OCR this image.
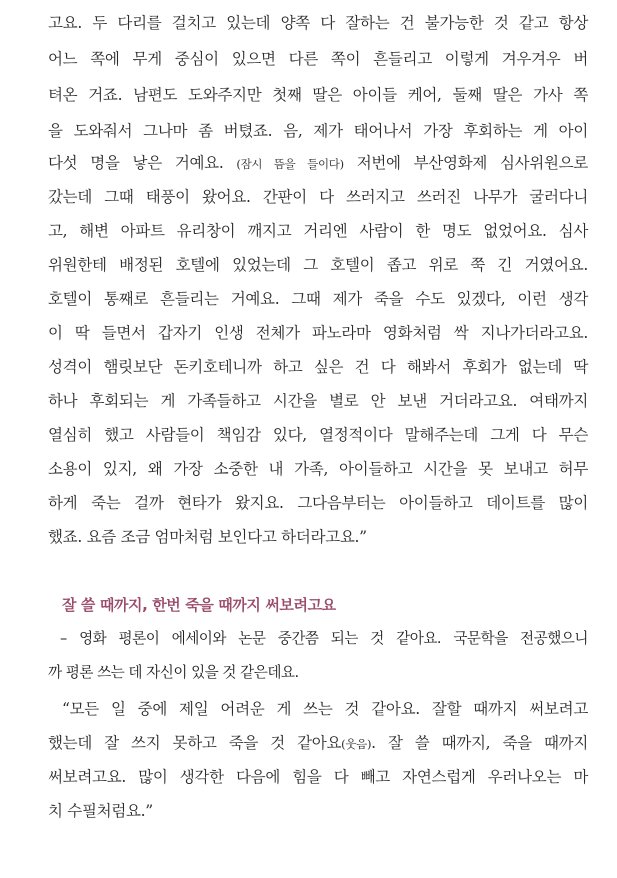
고요. 두 다리를 걸치고 있는데 양쪽 다 잘하는 건 불가능한 것 같고 항상
어느 쪽에 무게 중심이 있으면 다른 쪽이 흔들리고 이렇게 겨우겨우 버
텨온 거죠. 남편도 도와주지만 첫째 딸은 아이들 케어, 둘째 딸은 가사 쪽
을 도와줘서 그나마 좀 버텼죠. 음, 제가 태어나서 가장 후회하는 게 아이
다섯 명을 낳은 거예요. (잠시 뜸을 들이다) 저번에 부산영화제 심사위원으로
갔는데 그때 태풍이 왔어요. 간판이 다 쓰러지고 쓰러진 나무가 굴러다니
고, 해변 아파트 유리창이 깨지고 거리엔 사람이 한 명도 없었어요. 심사
위원한테 배정된 호텔에 있었는데 그 호텔이 좁고 위로 쭉 긴 거였어요.
호텔이 통째로 흔들리는 거예요. 그때 제가 죽을 수도 있겠다, 이런 생각
이 딱 들면서 갑자기 인생 전체가 파노라마 영화처럼 싹 지나가더라고요.
성격이 햄릿보단 돈키호테니까 하고 싶은 건 다 해봐서 후회가 없는데 딱
하나 후회되는 게 가족들하고 시간을 별로 안 보낸 거더라고요. 여태까지
열심히 했고 사람들이 책임감 있다, 열정적이다 말해주는데 그게 다 무슨
소용이 있지, 왜 가장 소중한 내 가족, 아이들하고 시간을 못 보내고 허무
하게 죽는 걸까 현타가 왔지요. 그다음부터는 아이들하고 데이트를 많이
했죠. 요즘 조금 엄마처럼 보인다고 하더라고요.”
잘 쓸 때까지, 한번 죽을 때까지 써보려고요
– 영화 평론이 에세이와 논문 중간쯤 되는 것 같아요. 국문학을 전공했으니
까 평론 쓰는 데 자신이 있을 것 같은데요.
“모든 일 중에 제일 어려운 게 쓰는 것 같아요. 잘할 때까지 써보려고
했는데 잘 쓰지 못하고 죽을 것 같아요(웃음). 잘 쓸 때까지, 죽을 때까지
써보려고요. 많이 생각한 다음에 힘을 다 빼고 자연스럽게 우러나오는 마
치 수필처럼요.”
